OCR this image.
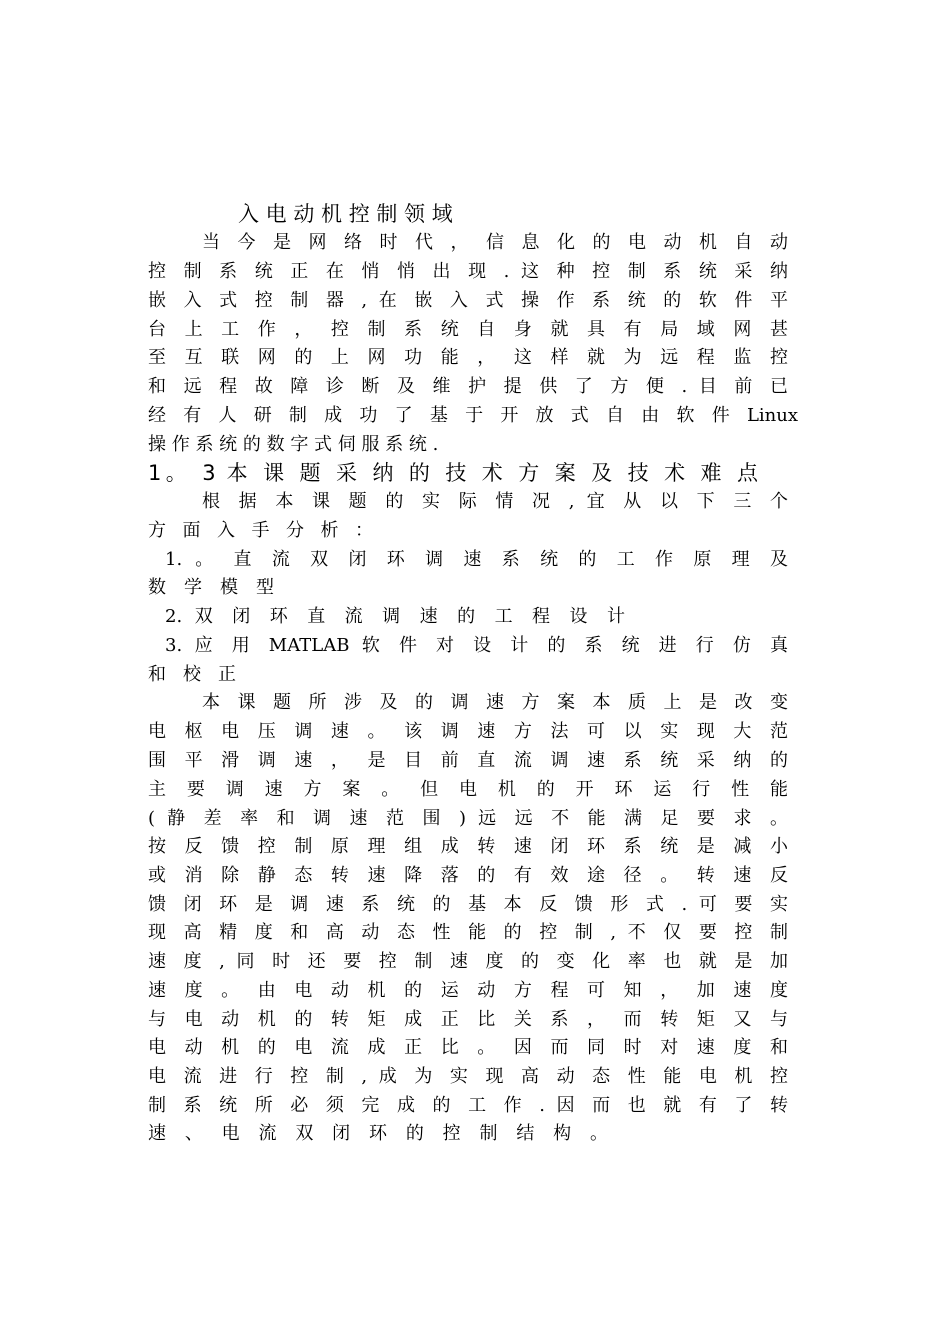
入 电 动 机 控 制 领 域
当 今 是 网 络 时 代 ， 信 息 化 的 电 动 机 自 动
控 制 系 统 正 在 悄 悄 出 现 . 这 种 控 制 系 统 采 纳
嵌 入 式 控 制 器 , 在 嵌 入 式 操 作 系 统 的 软 件 平
台 上 工 作 ， 控 制 系 统 自 身 就 具 有 局 域 网 甚
至 互 联 网 的 上 网 功 能 ， 这 样 就 为 远 程 监 控
和 远 程 故 障 诊 断 及 维 护 提 供 了 方 便 . 目 前 已
经 有 人 研 制 成 功 了 基 于 开 放 式 自 由 软 件 Linux
操 作 系 统 的 数 字 式 伺 服 系 统 .
1。 3 本 课 题 采 纳 的 技 术 方 案 及 技 术 难 点
根 据 本 课 题 的 实 际 情 况 , 宜 从 以 下 三 个
方 面 入 手 分 析 ：
1. 。 直 流 双 闭 环 调 速 系 统 的 工 作 原 理 及
数 学 模 型
2. 双 闭 环 直 流 调 速 的 工 程 设 计
3. 应 用 MATLAB 软 件 对 设 计 的 系 统 进 行 仿 真
和 校 正
本 课 题 所 涉 及 的 调 速 方 案 本 质 上 是 改 变
电 枢 电 压 调 速 。 该 调 速 方 法 可 以 实 现 大 范
围 平 滑 调 速 ， 是 目 前 直 流 调 速 系 统 采 纳 的
主 要 调 速 方 案 。 但 电 机 的 开 环 运 行 性 能
( 静 差 率 和 调 速 范 围 ) 远 远 不 能 满 足 要 求 。
按 反 馈 控 制 原 理 组 成 转 速 闭 环 系 统 是 减 小
或 消 除 静 态 转 速 降 落 的 有 效 途 径 。 转 速 反
馈 闭 环 是 调 速 系 统 的 基 本 反 馈 形 式 . 可 要 实
现 高 精 度 和 高 动 态 性 能 的 控 制 , 不 仅 要 控 制
速 度 , 同 时 还 要 控 制 速 度 的 变 化 率 也 就 是 加
速 度 。 由 电 动 机 的 运 动 方 程 可 知 ， 加 速 度
与 电 动 机 的 转 矩 成 正 比 关 系 ， 而 转 矩 又 与
电 动 机 的 电 流 成 正 比 。 因 而 同 时 对 速 度 和
电 流 进 行 控 制 , 成 为 实 现 高 动 态 性 能 电 机 控
制 系 统 所 必 须 完 成 的 工 作 . 因 而 也 就 有 了 转
速 、 电 流 双 闭 环 的 控 制 结 构 。
